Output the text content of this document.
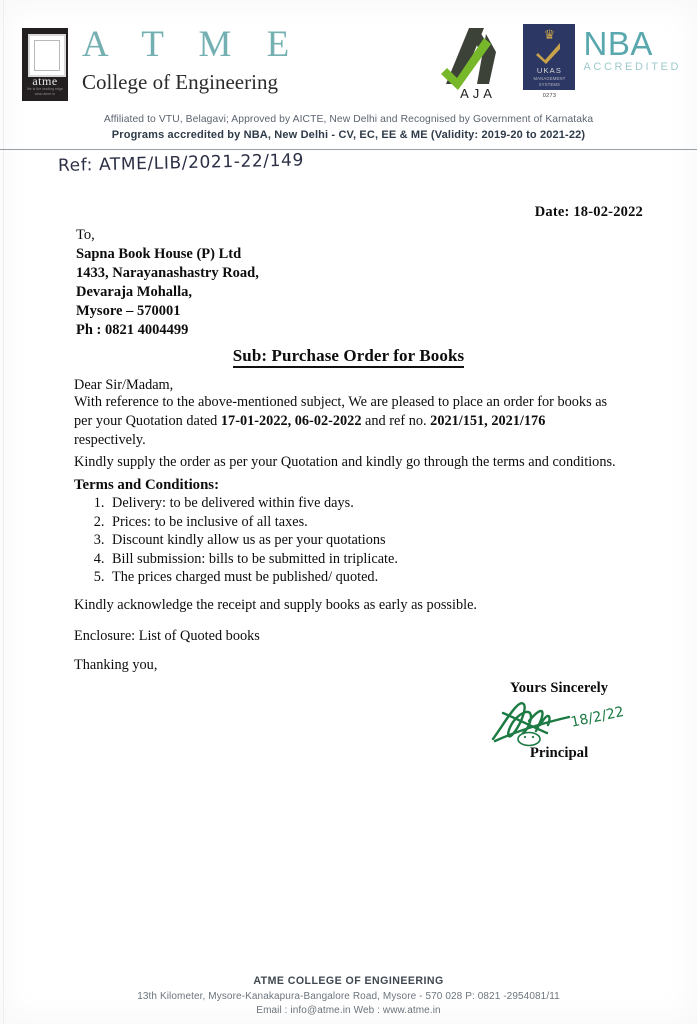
atme
life is the leading edge
www.atme.in
A T M E
College of Engineering	AJA
♛
UKAS
MANAGEMENT
SYSTEMS
0273
NBA
ACCREDITED
Affiliated to VTU, Belagavi; Approved by AICTE, New Delhi and Recognised by Government of Karnataka
Programs accredited by NBA, New Delhi - CV, EC, EE & ME (Validity: 2019-20 to 2021-22)
Ref: ATME/LIB/2021-22/149
Date: 18-02-2022
To,
Sapna Book House (P) Ltd
1433, Narayanashastry Road,
Devaraja Mohalla,
Mysore – 570001
Ph : 0821 4004499
Sub: Purchase Order for Books
Dear Sir/Madam,
With reference to the above-mentioned subject, We are pleased to place an order for books as per your Quotation dated 17-01-2022, 06-02-2022 and ref no. 2021/151, 2021/176 respectively.
Kindly supply the order as per your Quotation and kindly go through the terms and conditions.
Terms and Conditions:
1. Delivery: to be delivered within five days.
2. Prices: to be inclusive of all taxes.
3. Discount kindly allow us as per your quotations
4. Bill submission: bills to be submitted in triplicate.
5. The prices charged must be published/ quoted.
Kindly acknowledge the receipt and supply books as early as possible.
Enclosure: List of Quoted books
Thanking you,
Yours Sincerely
18/2/22
Principal
ATME COLLEGE OF ENGINEERING
13th Kilometer, Mysore-Kanakapura-Bangalore Road, Mysore - 570 028 P: 0821 -2954081/11
Email : info@atme.in Web : www.atme.in
